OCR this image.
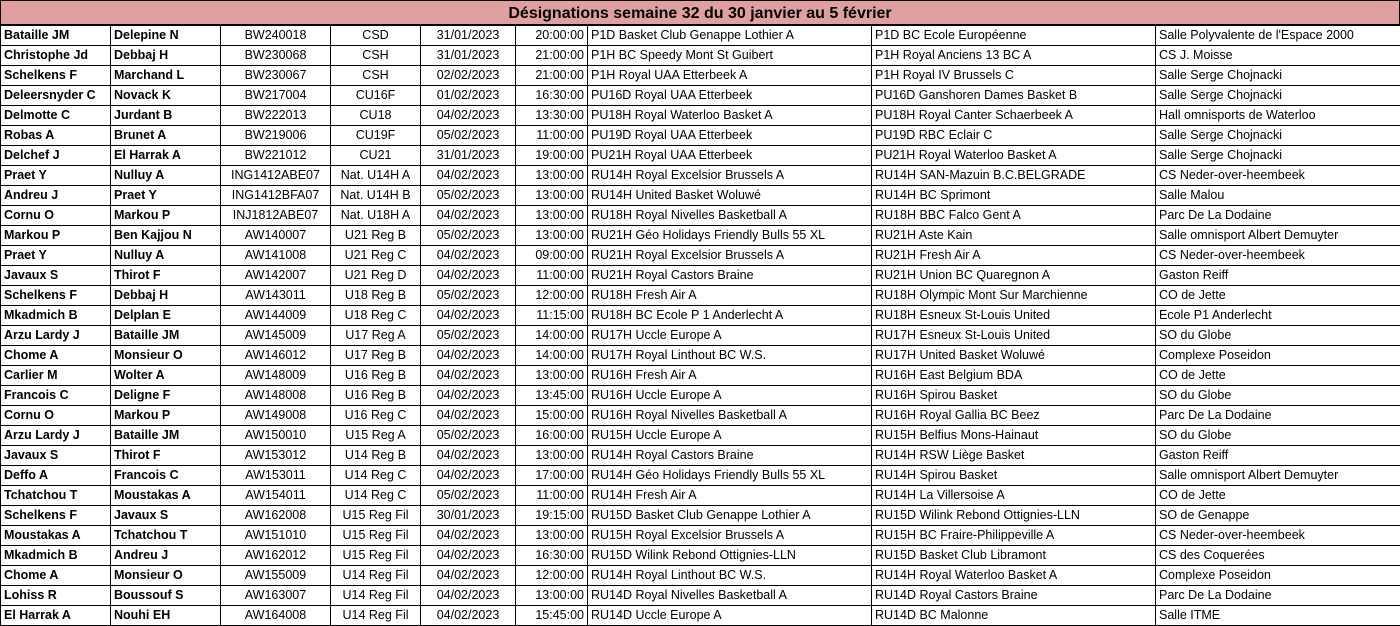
Désignations semaine 32 du 30 janvier au 5 février
Bataille JM	Delepine N	BW240018	CSD	31/01/2023	20:00:00	P1D Basket Club Genappe Lothier A	P1D BC Ecole Européenne	Salle Polyvalente de l'Espace 2000
Christophe Jd	Debbaj H	BW230068	CSH	31/01/2023	21:00:00	P1H BC Speedy Mont St Guibert	P1H Royal Anciens 13 BC A	CS J. Moisse
Schelkens F	Marchand L	BW230067	CSH	02/02/2023	21:00:00	P1H Royal UAA Etterbeek A	P1H Royal IV Brussels C	Salle Serge Chojnacki
Deleersnyder C	Novack K	BW217004	CU16F	01/02/2023	16:30:00	PU16D Royal UAA Etterbeek	PU16D Ganshoren Dames Basket B	Salle Serge Chojnacki
Delmotte C	Jurdant B	BW222013	CU18	04/02/2023	13:30:00	PU18H Royal Waterloo Basket A	PU18H Royal Canter Schaerbeek A	Hall omnisports de Waterloo
Robas A	Brunet A	BW219006	CU19F	05/02/2023	11:00:00	PU19D Royal UAA Etterbeek	PU19D RBC Eclair C	Salle Serge Chojnacki
Delchef J	El Harrak A	BW221012	CU21	31/01/2023	19:00:00	PU21H Royal UAA Etterbeek	PU21H Royal Waterloo Basket A	Salle Serge Chojnacki
Praet Y	Nulluy A	ING1412ABE07	Nat. U14H A	04/02/2023	13:00:00	RU14H Royal Excelsior Brussels A	RU14H SAN-Mazuin B.C.BELGRADE	CS Neder-over-heembeek
Andreu J	Praet Y	ING1412BFA07	Nat. U14H B	05/02/2023	13:00:00	RU14H United Basket Woluwé	RU14H BC Sprimont	Salle Malou
Cornu O	Markou P	INJ1812ABE07	Nat. U18H A	04/02/2023	13:00:00	RU18H Royal Nivelles Basketball A	RU18H BBC Falco Gent A	Parc De La Dodaine
Markou P	Ben Kajjou N	AW140007	U21 Reg B	05/02/2023	13:00:00	RU21H Géo Holidays Friendly Bulls 55 XL	RU21H Aste Kain	Salle omnisport Albert Demuyter
Praet Y	Nulluy A	AW141008	U21 Reg C	04/02/2023	09:00:00	RU21H Royal Excelsior Brussels A	RU21H Fresh Air A	CS Neder-over-heembeek
Javaux S	Thirot F	AW142007	U21 Reg D	04/02/2023	11:00:00	RU21H Royal Castors Braine	RU21H Union BC Quaregnon A	Gaston Reiff
Schelkens F	Debbaj H	AW143011	U18 Reg B	05/02/2023	12:00:00	RU18H Fresh Air A	RU18H Olympic Mont Sur Marchienne	CO de Jette
Mkadmich B	Delplan E	AW144009	U18 Reg C	04/02/2023	11:15:00	RU18H BC Ecole P 1 Anderlecht A	RU18H Esneux St-Louis United	Ecole P1 Anderlecht
Arzu Lardy J	Bataille JM	AW145009	U17 Reg A	05/02/2023	14:00:00	RU17H Uccle Europe A	RU17H Esneux St-Louis United	SO du Globe
Chome A	Monsieur O	AW146012	U17 Reg B	04/02/2023	14:00:00	RU17H Royal Linthout BC W.S.	RU17H United Basket Woluwé	Complexe Poseidon
Carlier M	Wolter A	AW148009	U16 Reg B	04/02/2023	13:00:00	RU16H Fresh Air A	RU16H East Belgium BDA	CO de Jette
Francois C	Deligne F	AW148008	U16 Reg B	04/02/2023	13:45:00	RU16H Uccle Europe A	RU16H Spirou Basket	SO du Globe
Cornu O	Markou P	AW149008	U16 Reg C	04/02/2023	15:00:00	RU16H Royal Nivelles Basketball A	RU16H Royal Gallia BC Beez	Parc De La Dodaine
Arzu Lardy J	Bataille JM	AW150010	U15 Reg A	05/02/2023	16:00:00	RU15H Uccle Europe A	RU15H Belfius Mons-Hainaut	SO du Globe
Javaux S	Thirot F	AW153012	U14 Reg B	04/02/2023	13:00:00	RU14H Royal Castors Braine	RU14H RSW Liège Basket	Gaston Reiff
Deffo A	Francois C	AW153011	U14 Reg C	04/02/2023	17:00:00	RU14H Géo Holidays Friendly Bulls 55 XL	RU14H Spirou Basket	Salle omnisport Albert Demuyter
Tchatchou T	Moustakas A	AW154011	U14 Reg C	05/02/2023	11:00:00	RU14H Fresh Air A	RU14H La Villersoise A	CO de Jette
Schelkens F	Javaux S	AW162008	U15 Reg Fil	30/01/2023	19:15:00	RU15D Basket Club Genappe Lothier A	RU15D Wilink Rebond Ottignies-LLN	SO de Genappe
Moustakas A	Tchatchou T	AW151010	U15 Reg Fil	04/02/2023	13:00:00	RU15H Royal Excelsior Brussels A	RU15H BC Fraire-Philippeville A	CS Neder-over-heembeek
Mkadmich B	Andreu J	AW162012	U15 Reg Fil	04/02/2023	16:30:00	RU15D Wilink Rebond Ottignies-LLN	RU15D Basket Club Libramont	CS des Coquerées
Chome A	Monsieur O	AW155009	U14 Reg Fil	04/02/2023	12:00:00	RU14H Royal Linthout BC W.S.	RU14H Royal Waterloo Basket A	Complexe Poseidon
Lohiss R	Boussouf S	AW163007	U14 Reg Fil	04/02/2023	13:00:00	RU14D Royal Nivelles Basketball A	RU14D Royal Castors Braine	Parc De La Dodaine
El Harrak A	Nouhi EH	AW164008	U14 Reg Fil	04/02/2023	15:45:00	RU14D Uccle Europe A	RU14D BC Malonne	Salle ITME
